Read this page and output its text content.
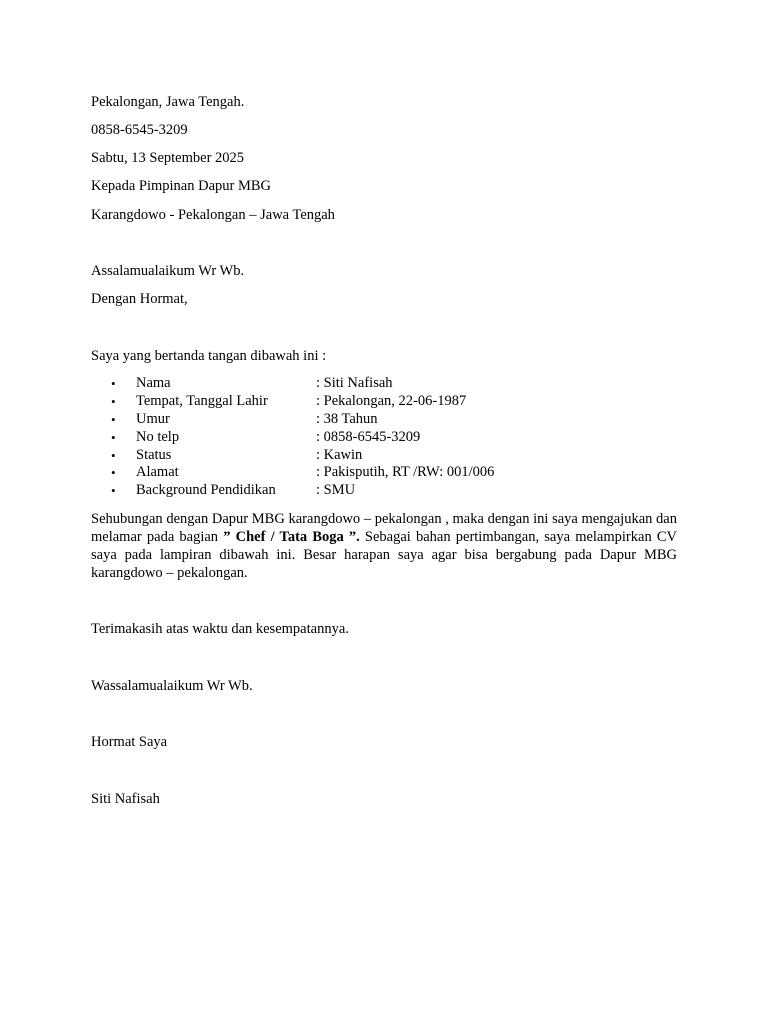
Pekalongan, Jawa Tengah.
0858-6545-3209
Sabtu, 13 September 2025
Kepada Pimpinan Dapur MBG
Karangdowo - Pekalongan – Jawa Tengah
Assalamualaikum Wr Wb.
Dengan Hormat,
Saya yang bertanda tangan dibawah ini :
• Nama	: Siti Nafisah
• Tempat, Tanggal Lahir	: Pekalongan, 22-06-1987
• Umur	: 38 Tahun
• No telp	: 0858-6545-3209
• Status	: Kawin
• Alamat	: Pakisputih, RT /RW: 001/006
• Background Pendidikan	: SMU

Sehubungan dengan Dapur MBG karangdowo – pekalongan , maka dengan ini saya mengajukan dan melamar pada bagian ” Chef / Tata Boga ”. Sebagai bahan pertimbangan, saya melampirkan CV saya pada lampiran dibawah ini. Besar harapan saya agar bisa bergabung pada Dapur MBG karangdowo – pekalongan.

Terimakasih atas waktu dan kesempatannya.
Wassalamualaikum Wr Wb.
Hormat Saya
Siti Nafisah
